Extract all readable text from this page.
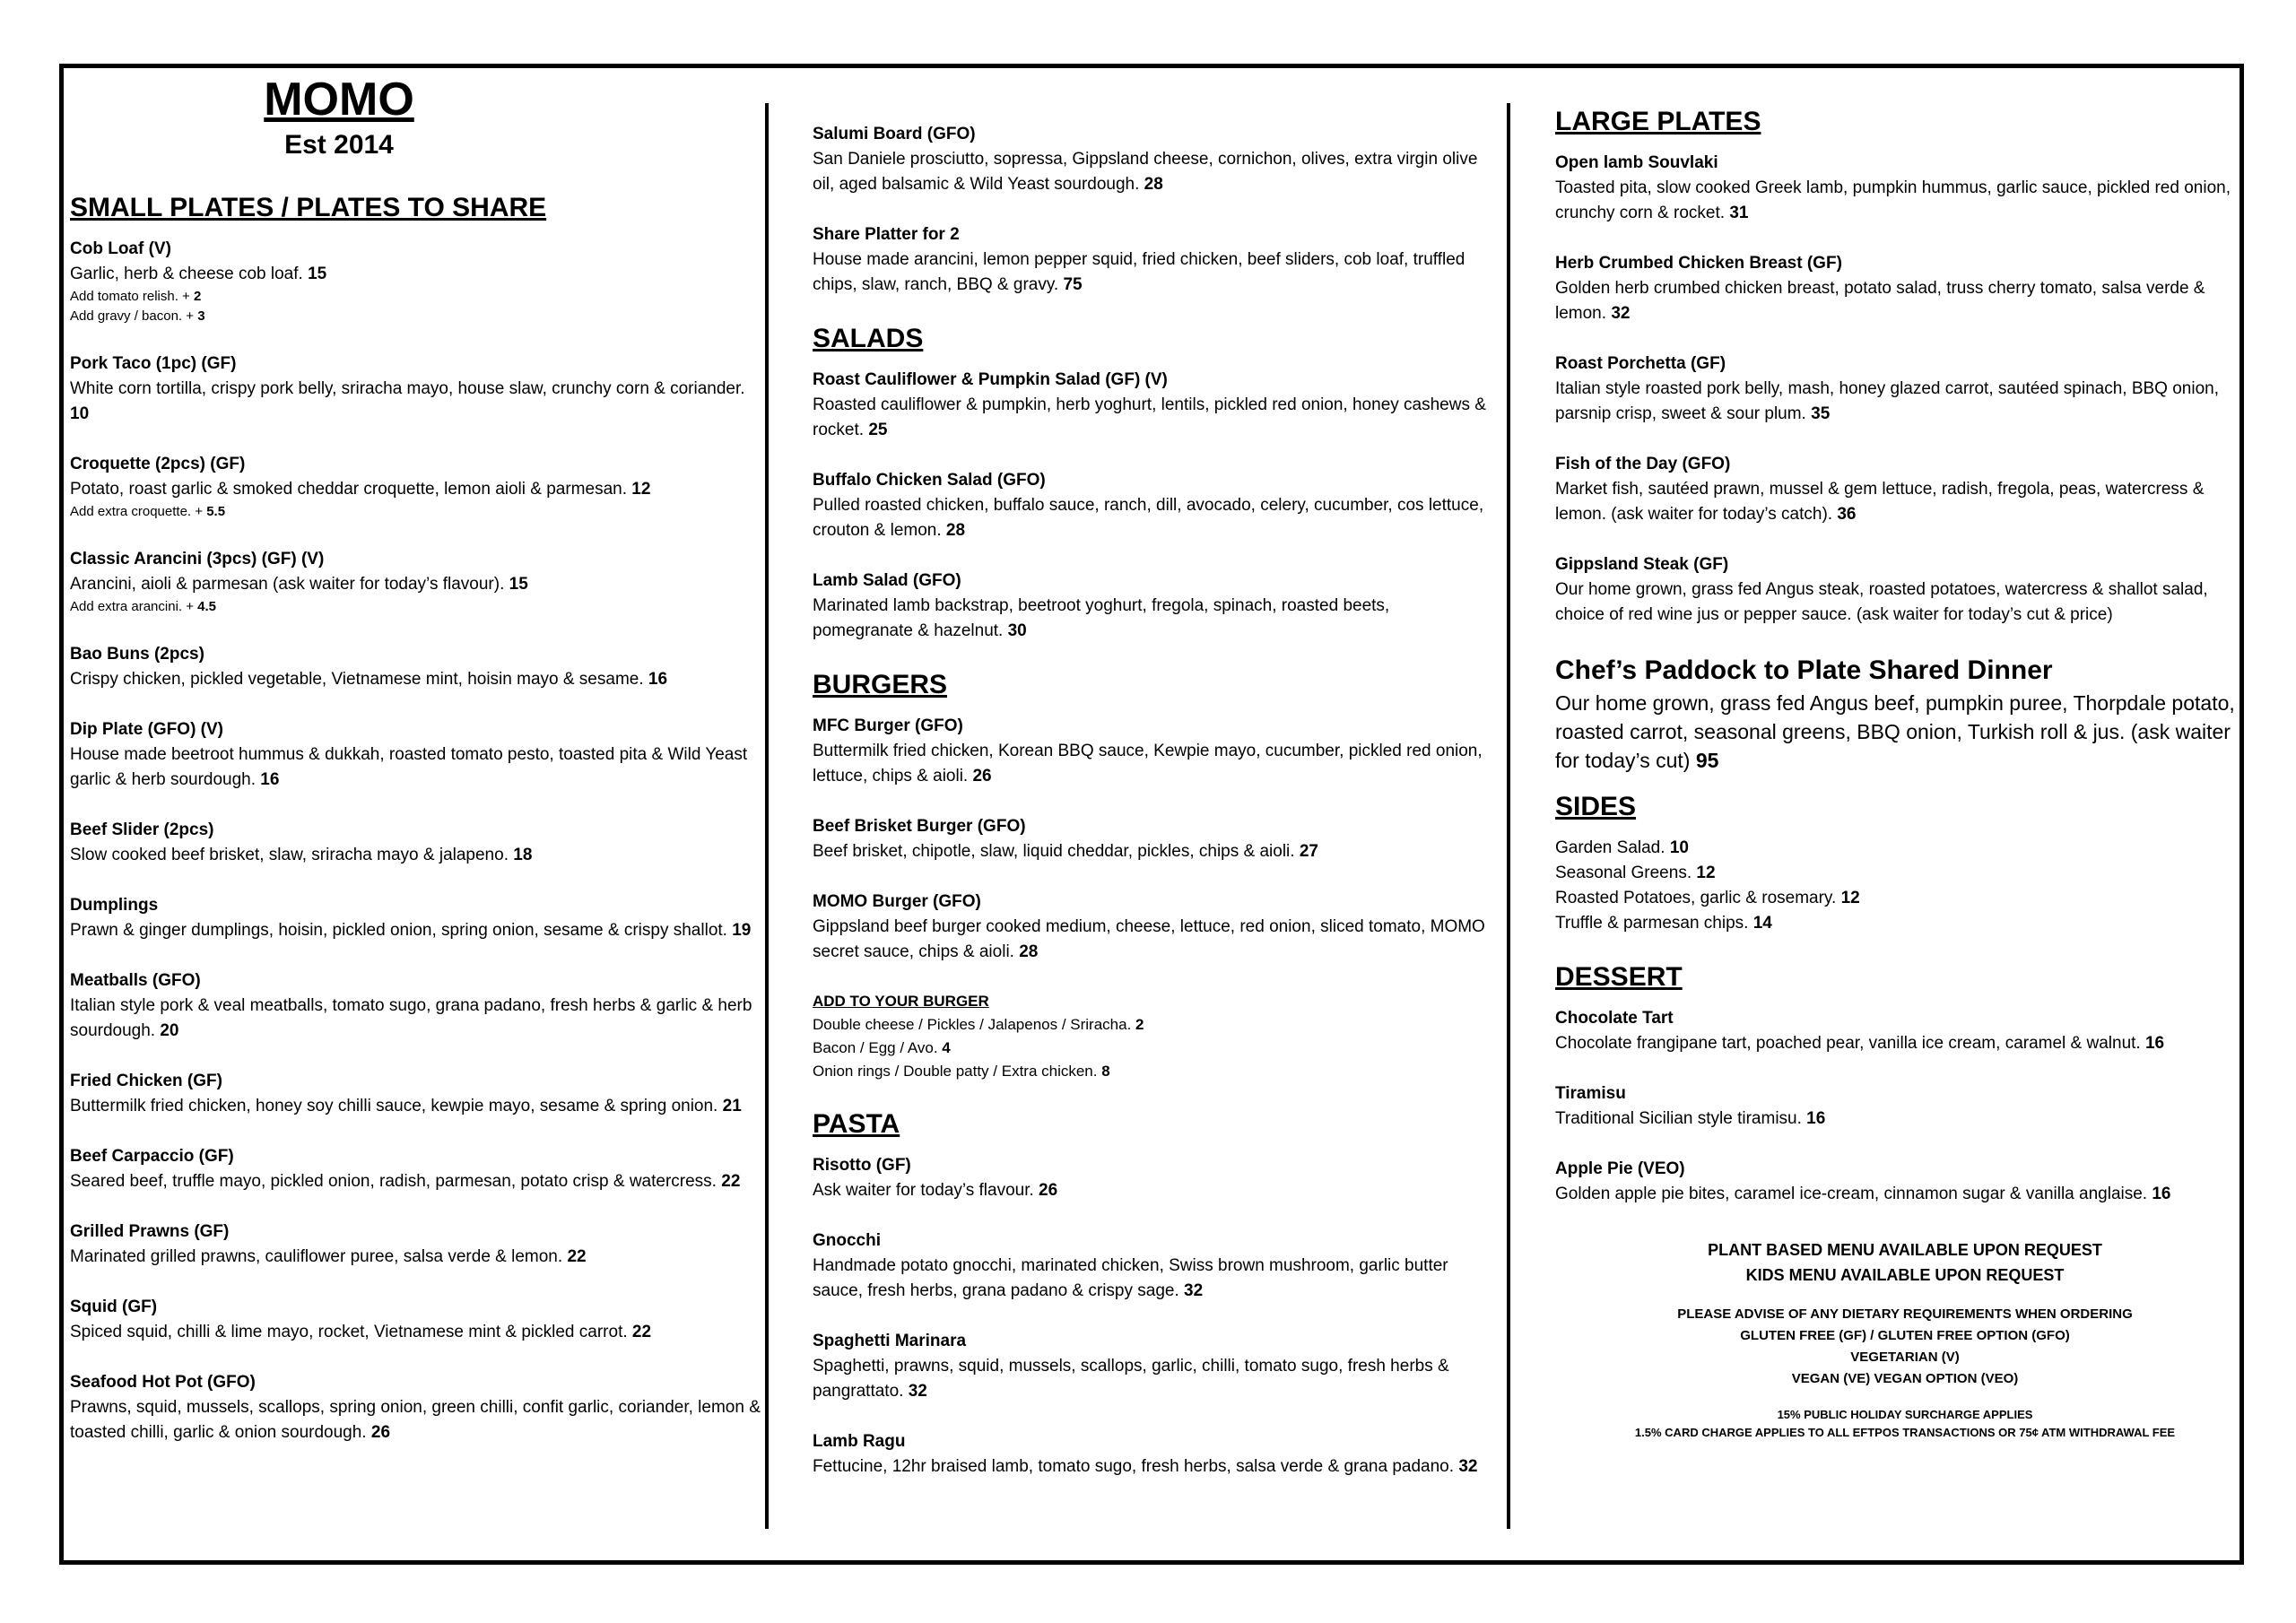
MOMO
Est 2014
SMALL PLATES / PLATES TO SHARE
Cob Loaf (V)
Garlic, herb & cheese cob loaf. 15
Add tomato relish. + 2
Add gravy / bacon. + 3
Pork Taco (1pc) (GF)
White corn tortilla, crispy pork belly, sriracha mayo, house slaw, crunchy corn & coriander. 10
Croquette (2pcs) (GF)
Potato, roast garlic & smoked cheddar croquette, lemon aioli & parmesan. 12
Add extra croquette. + 5.5
Classic Arancini (3pcs) (GF) (V)
Arancini, aioli & parmesan (ask waiter for today’s flavour). 15
Add extra arancini. + 4.5
Bao Buns (2pcs)
Crispy chicken, pickled vegetable, Vietnamese mint, hoisin mayo & sesame. 16
Dip Plate (GFO) (V)
House made beetroot hummus & dukkah, roasted tomato pesto, toasted pita & Wild Yeast garlic & herb sourdough. 16
Beef Slider (2pcs)
Slow cooked beef brisket, slaw, sriracha mayo & jalapeno. 18
Dumplings
Prawn & ginger dumplings, hoisin, pickled onion, spring onion, sesame & crispy shallot. 19
Meatballs (GFO)
Italian style pork & veal meatballs, tomato sugo, grana padano, fresh herbs & garlic & herb sourdough. 20
Fried Chicken (GF)
Buttermilk fried chicken, honey soy chilli sauce, kewpie mayo, sesame & spring onion. 21
Beef Carpaccio (GF)
Seared beef, truffle mayo, pickled onion, radish, parmesan, potato crisp & watercress. 22
Grilled Prawns (GF)
Marinated grilled prawns, cauliflower puree, salsa verde & lemon. 22
Squid (GF)
Spiced squid, chilli & lime mayo, rocket, Vietnamese mint & pickled carrot. 22
Seafood Hot Pot (GFO)
Prawns, squid, mussels, scallops, spring onion, green chilli, confit garlic, coriander, lemon & toasted chilli, garlic & onion sourdough. 26
Salumi Board (GFO)
San Daniele prosciutto, sopressa, Gippsland cheese, cornichon, olives, extra virgin olive oil, aged balsamic & Wild Yeast sourdough. 28
Share Platter for 2
House made arancini, lemon pepper squid, fried chicken, beef sliders, cob loaf, truffled chips, slaw, ranch, BBQ & gravy. 75
SALADS
Roast Cauliflower & Pumpkin Salad (GF) (V)
Roasted cauliflower & pumpkin, herb yoghurt, lentils, pickled red onion, honey cashews & rocket. 25
Buffalo Chicken Salad (GFO)
Pulled roasted chicken, buffalo sauce, ranch, dill, avocado, celery, cucumber, cos lettuce, crouton & lemon. 28
Lamb Salad (GFO)
Marinated lamb backstrap, beetroot yoghurt, fregola, spinach, roasted beets, pomegranate & hazelnut. 30
BURGERS
MFC Burger (GFO)
Buttermilk fried chicken, Korean BBQ sauce, Kewpie mayo, cucumber, pickled red onion, lettuce, chips & aioli. 26
Beef Brisket Burger (GFO)
Beef brisket, chipotle, slaw, liquid cheddar, pickles, chips & aioli. 27
MOMO Burger (GFO)
Gippsland beef burger cooked medium, cheese, lettuce, red onion, sliced tomato, MOMO secret sauce, chips & aioli. 28
ADD TO YOUR BURGER
Double cheese / Pickles / Jalapenos / Sriracha. 2
Bacon / Egg / Avo. 4
Onion rings / Double patty / Extra chicken. 8
PASTA
Risotto (GF)
Ask waiter for today’s flavour. 26
Gnocchi
Handmade potato gnocchi, marinated chicken, Swiss brown mushroom, garlic butter sauce, fresh herbs, grana padano & crispy sage. 32
Spaghetti Marinara
Spaghetti, prawns, squid, mussels, scallops, garlic, chilli, tomato sugo, fresh herbs & pangrattato. 32
Lamb Ragu
Fettucine, 12hr braised lamb, tomato sugo, fresh herbs, salsa verde & grana padano. 32
LARGE PLATES
Open lamb Souvlaki
Toasted pita, slow cooked Greek lamb, pumpkin hummus, garlic sauce, pickled red onion, crunchy corn & rocket. 31
Herb Crumbed Chicken Breast (GF)
Golden herb crumbed chicken breast, potato salad, truss cherry tomato, salsa verde & lemon. 32
Roast Porchetta (GF)
Italian style roasted pork belly, mash, honey glazed carrot, sautéed spinach, BBQ onion, parsnip crisp, sweet & sour plum. 35
Fish of the Day (GFO)
Market fish, sautéed prawn, mussel & gem lettuce, radish, fregola, peas, watercress & lemon. (ask waiter for today’s catch). 36
Gippsland Steak (GF)
Our home grown, grass fed Angus steak, roasted potatoes, watercress & shallot salad, choice of red wine jus or pepper sauce. (ask waiter for today’s cut & price)
Chef’s Paddock to Plate Shared Dinner
Our home grown, grass fed Angus beef, pumpkin puree, Thorpdale potato, roasted carrot, seasonal greens, BBQ onion, Turkish roll & jus. (ask waiter for today’s cut) 95
SIDES
Garden Salad. 10
Seasonal Greens. 12
Roasted Potatoes, garlic & rosemary. 12
Truffle & parmesan chips. 14
DESSERT
Chocolate Tart
Chocolate frangipane tart, poached pear, vanilla ice cream, caramel & walnut. 16
Tiramisu
Traditional Sicilian style tiramisu. 16
Apple Pie (VEO)
Golden apple pie bites, caramel ice-cream, cinnamon sugar & vanilla anglaise. 16
PLANT BASED MENU AVAILABLE UPON REQUEST
KIDS MENU AVAILABLE UPON REQUEST
PLEASE ADVISE OF ANY DIETARY REQUIREMENTS WHEN ORDERING
GLUTEN FREE (GF) / GLUTEN FREE OPTION (GFO)
VEGETARIAN (V)
VEGAN (VE) VEGAN OPTION (VEO)
15% PUBLIC HOLIDAY SURCHARGE APPLIES
1.5% CARD CHARGE APPLIES TO ALL EFTPOS TRANSACTIONS OR 75¢ ATM WITHDRAWAL FEE
